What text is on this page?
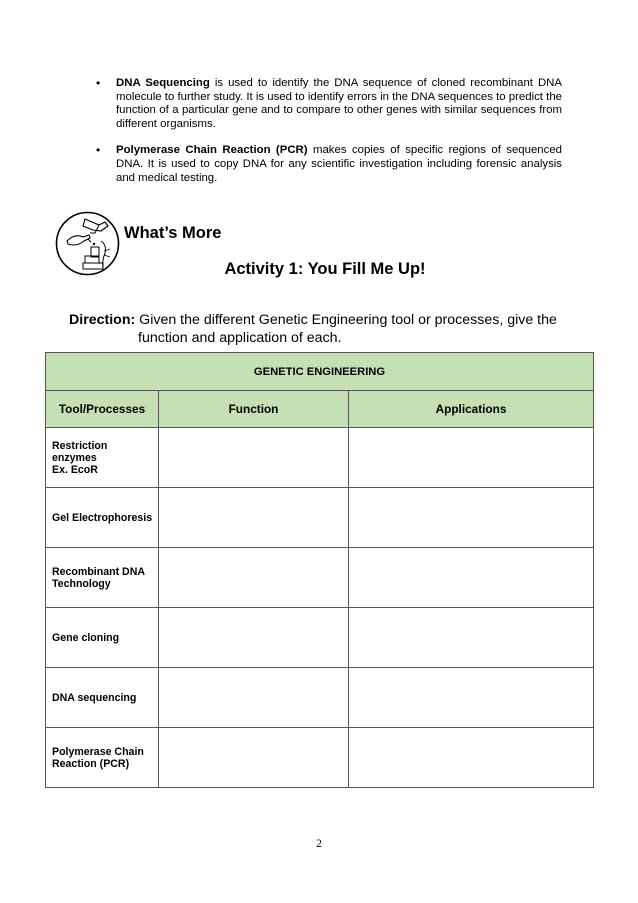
• DNA Sequencing is used to identify the DNA sequence of cloned recombinant DNA molecule to further study. It is used to identify errors in the DNA sequences to predict the function of a particular gene and to compare to other genes with similar sequences from different organisms.
• Polymerase Chain Reaction (PCR) makes copies of specific regions of sequenced DNA. It is used to copy DNA for any scientific investigation including forensic analysis and medical testing.
What’s More
Activity 1: You Fill Me Up!
Direction: Given the different Genetic Engineering tool or processes, give the
function and application of each.
GENETIC ENGINEERING		
Tool/Processes	Function	Applications

Restriction
enzymes
Ex. EcoR		

Gel Electrophoresis		

Recombinant DNA
Technology		

Gene cloning		

DNA sequencing		

Polymerase Chain
Reaction (PCR)		

2
